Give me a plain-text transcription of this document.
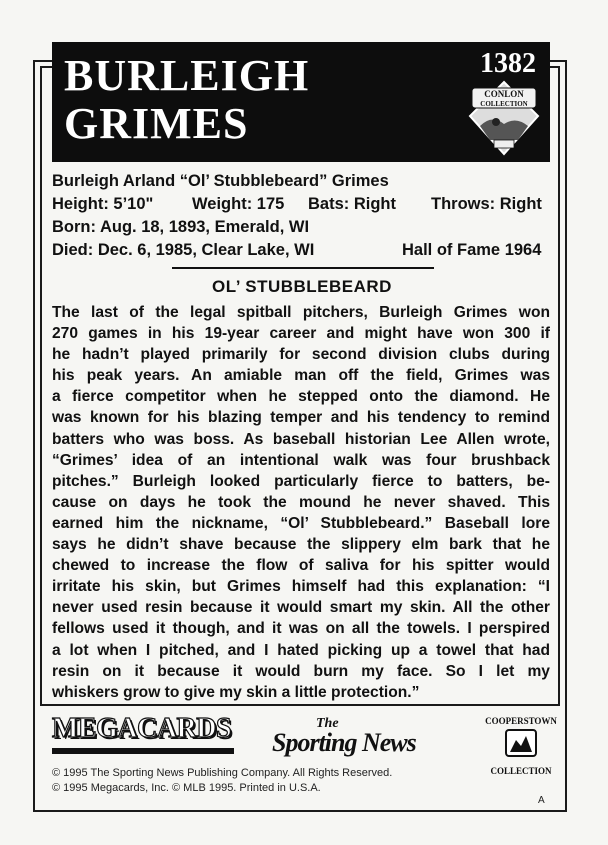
BURLEIGH
GRIMES
1382
CONLON
COLLECTION
Burleigh Arland “Ol’ Stubblebeard” Grimes
Height: 5’10" Weight: 175 Bats: Right Throws: Right
Born: Aug. 18, 1893, Emerald, WI
Died: Dec. 6, 1985, Clear Lake, WI	Hall of Fame 1964
OL’ STUBBLEBEARD
The last of the legal spitball pitchers, Burleigh Grimes won
270 games in his 19-year career and might have won 300 if
he hadn’t played primarily for second division clubs during
his peak years. An amiable man off the field, Grimes was
a fierce competitor when he stepped onto the diamond. He
was known for his blazing temper and his tendency to remind
batters who was boss. As baseball historian Lee Allen wrote,
“Grimes’ idea of an intentional walk was four brushback
pitches.” Burleigh looked particularly fierce to batters, be-
cause on days he took the mound he never shaved. This
earned him the nickname, “Ol’ Stubblebeard.” Baseball lore
says he didn’t shave because the slippery elm bark that he
chewed to increase the flow of saliva for his spitter would
irritate his skin, but Grimes himself had this explanation: “I
never used resin because it would smart my skin. All the other
fellows used it though, and it was on all the towels. I perspired
a lot when I pitched, and I hated picking up a towel that had
resin on it because it would burn my face. So I let my
whiskers grow to give my skin a little protection.”
MEGACARDS	The
Sporting News
COOPERSTOWN
COLLECTION
© 1995 The Sporting News Publishing Company. All Rights Reserved.
© 1995 Megacards, Inc. © MLB 1995. Printed in U.S.A.
A
